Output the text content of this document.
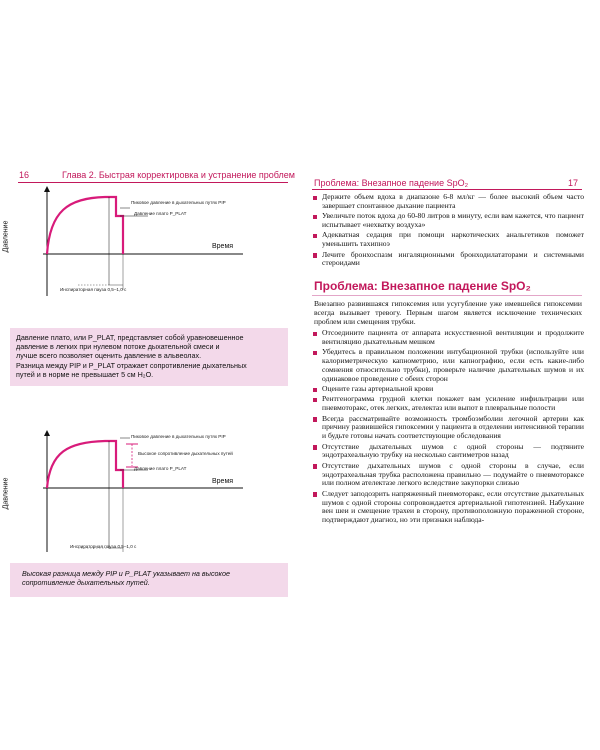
16	Глава 2. Быстрая корректировка и устранение проблем
Пиковое давление в дыхательных путях PIP
Давление плато P_PLAT
Время
Давление
Инспираторная пауза 0,5–1,0 с
Давление плато, или P_PLAT, представляет собой уравновешенное
давление в легких при нулевом потоке дыхательной смеси и
лучше всего позволяет оценить давление в альвеолах.
Разница между PIP и P_PLAT отражает сопротивление дыхательных
путей и в норме не превышает 5 см H₂O.
Пиковое давление в дыхательных путях PIP
Высокое сопротивление дыхательных путей
Давление плато P_PLAT
Время
Давление
Инспираторная пауза 0,5–1,0 с
Высокая разница между PIP и P_PLAT указывает на высокое
сопротивление дыхательных путей.
Проблема: Внезапное падение SpO₂	17
Держите объем вдоха в диапазоне 6-8 мл/кг — более высокий объем часто завершает спонтанное дыхание пациента
Увеличьте поток вдоха до 60-80 литров в минуту, если вам кажется, что пациент испытывает «нехватку воздуха»
Адекватная седация при помощи наркотических анальгетиков поможет уменьшить тахипноэ
Лечите бронхоспазм ингаляционными бронходилататорами и системными стероидами
Проблема: Внезапное падение SpO₂
Внезапно развившаяся гипоксемия или усугубление уже имевшейся гипоксемии всегда вызывает тревогу. Первым шагом является исключение технических проблем или смещения трубки.
Отсоедините пациента от аппарата искусственной вентиляции и продолжите вентиляцию дыхательным мешком
Убедитесь в правильном положении интубационной трубки (используйте или калориметрическую капнометрию, или капнографию, если есть какие-либо сомнения относительно трубки), проверьте наличие дыхательных шумов и их одинаковое проведение с обеих сторон
Оцените газы артериальной крови
Рентгенограмма грудной клетки покажет вам усиление инфильтрации или пневмоторакс, отек легких, ателектаз или выпот в плевральные полости
Всегда рассматривайте возможность тромбоэмболии легочной артерии как причину развившейся гипоксемии у пациента в отделении интенсивной терапии и будьте готовы начать соответствующие обследования
Отсутствие дыхательных шумов с одной стороны — подтяните эндотрахеальную трубку на несколько сантиметров назад
Отсутствие дыхательных шумов с одной стороны в случае, если эндотрахеальная трубка расположена правильно — подумайте о пневмотораксе или полном ателектазе легкого вследствие закупорки слизью
Следует заподозрить напряженный пневмоторакс, если отсутствие дыхательных шумов с одной стороны сопровождается артериальной гипотензией. Набухание вен шеи и смещение трахеи в сторону, противоположную пораженной стороне, подтверждают диагноз, но эти признаки наблюда-
